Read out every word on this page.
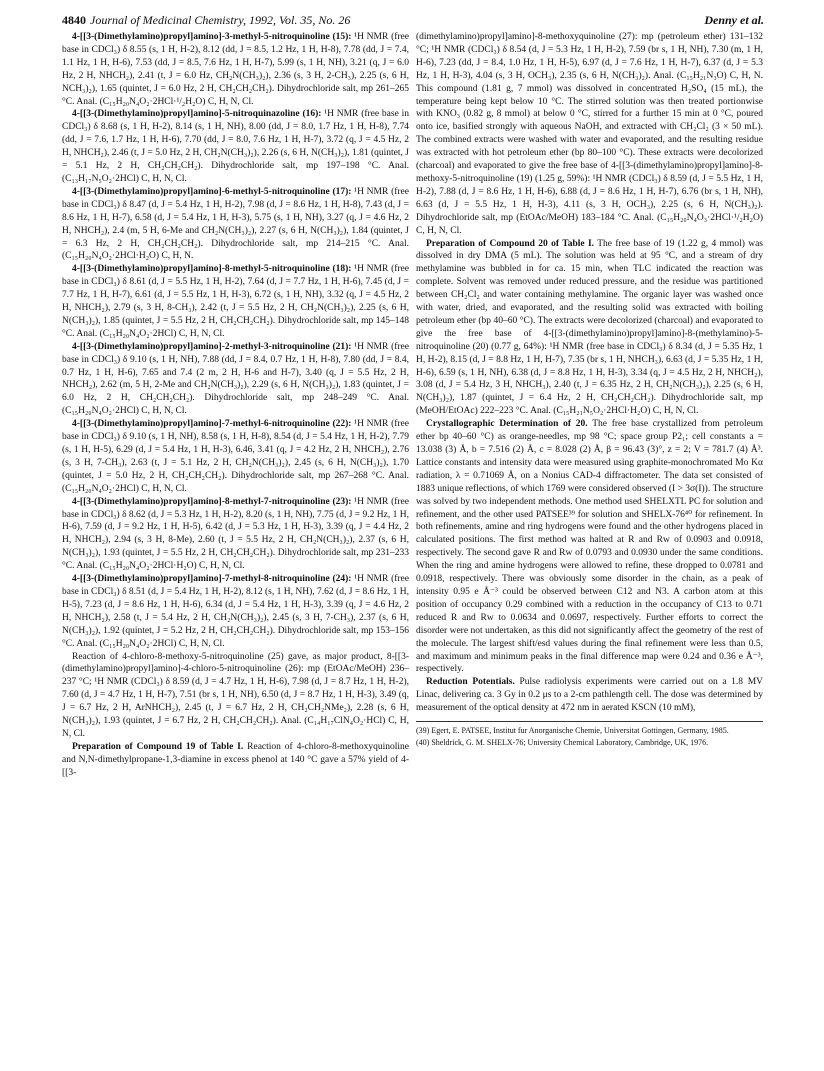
4840 Journal of Medicinal Chemistry, 1992, Vol. 35, No. 26	Denny et al.

4-[[3-(Dimethylamino)propyl]amino]-3-methyl-5-nitroquinoline (15): ¹H NMR (free base in CDCl₃) δ 8.55 (s, 1 H, H-2), 8.12 (dd, J = 8.5, 1.2 Hz, 1 H, H-8), 7.78 (dd, J = 7.4, 1.1 Hz, 1 H, H-6), 7.53 (dd, J = 8.5, 7.6 Hz, 1 H, H-7), 5.99 (s, 1 H, NH), 3.21 (q, J = 6.0 Hz, 2 H, NHCH₂), 2.41 (t, J = 6.0 Hz, CH₂N(CH₃)₂), 2.36 (s, 3 H, 2-CH₃), 2.25 (s, 6 H, NCH₃)₂), 1.65 (quintet, J = 6.0 Hz, 2 H, CH₂CH₂CH₂). Dihydrochloride salt, mp 261–265 °C. Anal. (C₁₅H₂₀N₄O₂·2HCl·¹/₂H₂O) C, H, N, Cl.

4-[[3-(Dimethylamino)propyl]amino]-5-nitroquinazoline (16): ¹H NMR (free base in CDCl₃) δ 8.68 (s, 1 H, H-2), 8.14 (s, 1 H, NH), 8.00 (dd, J = 8.0, 1.7 Hz, 1 H, H-8), 7.74 (dd, J = 7.6, 1.7 Hz, 1 H, H-6), 7.70 (dd, J = 8.0, 7.6 Hz, 1 H, H-7), 3.72 (q, J = 4.5 Hz, 2 H, NHCH₂), 2.46 (t, J = 5.0 Hz, 2 H, CH₂N(CH₃)₂), 2.26 (s, 6 H, N(CH₃)₂), 1.81 (quintet, J = 5.1 Hz, 2 H, CH₂CH₂CH₂). Dihydrochloride salt, mp 197–198 °C. Anal. (C₁₃H₁₇N₅O₂·2HCl) C, H, N, Cl.

4-[[3-(Dimethylamino)propyl]amino]-6-methyl-5-nitroquinoline (17): ¹H NMR (free base in CDCl₃) δ 8.47 (d, J = 5.4 Hz, 1 H, H-2), 7.98 (d, J = 8.6 Hz, 1 H, H-8), 7.43 (d, J = 8.6 Hz, 1 H, H-7), 6.58 (d, J = 5.4 Hz, 1 H, H-3), 5.75 (s, 1 H, NH), 3.27 (q, J = 4.6 Hz, 2 H, NHCH₂), 2.4 (m, 5 H, 6-Me and CH₂N(CH₃)₂), 2.27 (s, 6 H, N(CH₃)₂), 1.84 (quintet, J = 6.3 Hz, 2 H, CH₂CH₂CH₂). Dihydrochloride salt, mp 214–215 °C. Anal. (C₁₅H₂₀N₄O₂·2HCl·H₂O) C, H, N.

4-[[3-(Dimethylamino)propyl]amino]-8-methyl-5-nitroquinoline (18): ¹H NMR (free base in CDCl₃) δ 8.61 (d, J = 5.5 Hz, 1 H, H-2), 7.64 (d, J = 7.7 Hz, 1 H, H-6), 7.45 (d, J = 7.7 Hz, 1 H, H-7), 6.61 (d, J = 5.5 Hz, 1 H, H-3), 6.72 (s, 1 H, NH), 3.32 (q, J = 4.5 Hz, 2 H, NHCH₂), 2.79 (s, 3 H, 8-CH₃), 2.42 (t, J = 5.5 Hz, 2 H, CH₂N(CH₃)₂), 2.25 (s, 6 H, N(CH₃)₂), 1.85 (quintet, J = 5.5 Hz, 2 H, CH₂CH₂CH₂). Dihydrochloride salt, mp 145–148 °C. Anal. (C₁₅H₂₀N₄O₂·2HCl) C, H, N, Cl.

4-[[3-(Dimethylamino)propyl]amino]-2-methyl-3-nitroquinoline (21): ¹H NMR (free base in CDCl₃) δ 9.10 (s, 1 H, NH), 7.88 (dd, J = 8.4, 0.7 Hz, 1 H, H-8), 7.80 (dd, J = 8.4, 0.7 Hz, 1 H, H-6), 7.65 and 7.4 (2 m, 2 H, H-6 and H-7), 3.40 (q, J = 5.5 Hz, 2 H, NHCH₂), 2.62 (m, 5 H, 2-Me and CH₂N(CH₃)₂), 2.29 (s, 6 H, N(CH₃)₂), 1.83 (quintet, J = 6.0 Hz, 2 H, CH₂CH₂CH₂). Dihydrochloride salt, mp 248–249 °C. Anal. (C₁₅H₂₀N₄O₂·2HCl) C, H, N, Cl.

4-[[3-(Dimethylamino)propyl]amino]-7-methyl-6-nitroquinoline (22): ¹H NMR (free base in CDCl₃) δ 9.10 (s, 1 H, NH), 8.58 (s, 1 H, H-8), 8.54 (d, J = 5.4 Hz, 1 H, H-2), 7.79 (s, 1 H, H-5), 6.29 (d, J = 5.4 Hz, 1 H, H-3), 6.46, 3.41 (q, J = 4.2 Hz, 2 H, NHCH₂), 2.76 (s, 3 H, 7-CH₃), 2.63 (t, J = 5.1 Hz, 2 H, CH₂N(CH₃)₂), 2.45 (s, 6 H, N(CH₃)₂), 1.70 (quintet, J = 5.0 Hz, 2 H, CH₂CH₂CH₂). Dihydrochloride salt, mp 267–268 °C. Anal. (C₁₅H₂₀N₄O₂·2HCl) C, H, N, Cl.

4-[[3-(Dimethylamino)propyl]amino]-8-methyl-7-nitroquinoline (23): ¹H NMR (free base in CDCl₃) δ 8.62 (d, J = 5.3 Hz, 1 H, H-2), 8.20 (s, 1 H, NH), 7.75 (d, J = 9.2 Hz, 1 H, H-6), 7.59 (d, J = 9.2 Hz, 1 H, H-5), 6.42 (d, J = 5.3 Hz, 1 H, H-3), 3.39 (q, J = 4.4 Hz, 2 H, NHCH₂), 2.94 (s, 3 H, 8-Me), 2.60 (t, J = 5.5 Hz, 2 H, CH₂N(CH₃)₂), 2.37 (s, 6 H, N(CH₃)₂), 1.93 (quintet, J = 5.5 Hz, 2 H, CH₂CH₂CH₂). Dihydrochloride salt, mp 231–233 °C. Anal. (C₁₅H₂₀N₄O₂·2HCl·H₂O) C, H, N, Cl.

4-[[3-(Dimethylamino)propyl]amino]-7-methyl-8-nitroquinoline (24): ¹H NMR (free base in CDCl₃) δ 8.51 (d, J = 5.4 Hz, 1 H, H-2), 8.12 (s, 1 H, NH), 7.62 (d, J = 8.6 Hz, 1 H, H-5), 7.23 (d, J = 8.6 Hz, 1 H, H-6), 6.34 (d, J = 5.4 Hz, 1 H, H-3), 3.39 (q, J = 4.6 Hz, 2 H, NHCH₂), 2.58 (t, J = 5.4 Hz, 2 H, CH₂N(CH₃)₂), 2.45 (s, 3 H, 7-CH₃), 2.37 (s, 6 H, N(CH₃)₂), 1.92 (quintet, J = 5.2 Hz, 2 H, CH₂CH₂CH₂). Dihydrochloride salt, mp 153–156 °C. Anal. (C₁₅H₂₀N₄O₂·2HCl) C, H, N, Cl.

Reaction of 4-chloro-8-methoxy-5-nitroquinoline (25) gave, as major product, 8-[[3-(dimethylamino)propyl]amino]-4-chloro-5-nitroquinoline (26): mp (EtOAc/MeOH) 236–237 °C; ¹H NMR (CDCl₃) δ 8.59 (d, J = 4.7 Hz, 1 H, H-6), 7.98 (d, J = 8.7 Hz, 1 H, H-2), 7.60 (d, J = 4.7 Hz, 1 H, H-7), 7.51 (br s, 1 H, NH), 6.50 (d, J = 8.7 Hz, 1 H, H-3), 3.49 (q, J = 6.7 Hz, 2 H, ArNHCH₂), 2.45 (t, J = 6.7 Hz, 2 H, CH₂CH₂NMe₂), 2.28 (s, 6 H, N(CH₃)₂), 1.93 (quintet, J = 6.7 Hz, 2 H, CH₂CH₂CH₂). Anal. (C₁₄H₁₇ClN₄O₂·HCl) C, H, N, Cl.

Preparation of Compound 19 of Table I. Reaction of 4-chloro-8-methoxyquinoline and N,N-dimethylpropane-1,3-diamine in excess phenol at 140 °C gave a 57% yield of 4-[[3-

(dimethylamino)propyl]amino]-8-methoxyquinoline (27): mp (petroleum ether) 131–132 °C; ¹H NMR (CDCl₃) δ 8.54 (d, J = 5.3 Hz, 1 H, H-2), 7.59 (br s, 1 H, NH), 7.30 (m, 1 H, H-6), 7.23 (dd, J = 8.4, 1.0 Hz, 1 H, H-5), 6.97 (d, J = 7.6 Hz, 1 H, H-7), 6.37 (d, J = 5.3 Hz, 1 H, H-3), 4.04 (s, 3 H, OCH₃), 2.35 (s, 6 H, N(CH₃)₂). Anal. (C₁₅H₂₁N₃O) C, H, N. This compound (1.81 g, 7 mmol) was dissolved in concentrated H₂SO₄ (15 mL), the temperature being kept below 10 °C. The stirred solution was then treated portionwise with KNO₃ (0.82 g, 8 mmol) at below 0 °C, stirred for a further 15 min at 0 °C, poured onto ice, basified strongly with aqueous NaOH, and extracted with CH₂Cl₂ (3 × 50 mL). The combined extracts were washed with water and evaporated, and the resulting residue was extracted with hot petroleum ether (bp 80–100 °C). These extracts were decolorized (charcoal) and evaporated to give the free base of 4-[[3-(dimethylamino)propyl]amino]-8-methoxy-5-nitroquinoline (19) (1.25 g, 59%): ¹H NMR (CDCl₃) δ 8.59 (d, J = 5.5 Hz, 1 H, H-2), 7.88 (d, J = 8.6 Hz, 1 H, H-6), 6.88 (d, J = 8.6 Hz, 1 H, H-7), 6.76 (br s, 1 H, NH), 6.63 (d, J = 5.5 Hz, 1 H, H-3), 4.11 (s, 3 H, OCH₃), 2.25 (s, 6 H, N(CH₃)₂). Dihydrochloride salt, mp (EtOAc/MeOH) 183–184 °C. Anal. (C₁₅H₂₀N₄O₃·2HCl·¹/₂H₂O) C, H, N, Cl.

Preparation of Compound 20 of Table I. The free base of 19 (1.22 g, 4 mmol) was dissolved in dry DMA (5 mL). The solution was held at 95 °C, and a stream of dry methylamine was bubbled in for ca. 15 min, when TLC indicated the reaction was complete. Solvent was removed under reduced pressure, and the residue was partitioned between CH₂Cl₂ and water containing methylamine. The organic layer was washed once with water, dried, and evaporated, and the resulting solid was extracted with boiling petroleum ether (bp 40–60 °C). The extracts were decolorized (charcoal) and evaporated to give the free base of 4-[[3-(dimethylamino)propyl]amino]-8-(methylamino)-5-nitroquinoline (20) (0.77 g, 64%): ¹H NMR (free base in CDCl₃) δ 8.34 (d, J = 5.35 Hz, 1 H, H-2), 8.15 (d, J = 8.8 Hz, 1 H, H-7), 7.35 (br s, 1 H, NHCH₃), 6.63 (d, J = 5.35 Hz, 1 H, H-6), 6.59 (s, 1 H, NH), 6.38 (d, J = 8.8 Hz, 1 H, H-3), 3.34 (q, J = 4.5 Hz, 2 H, NHCH₂), 3.08 (d, J = 5.4 Hz, 3 H, NHCH₃), 2.40 (t, J = 6.35 Hz, 2 H, CH₂N(CH₃)₂), 2.25 (s, 6 H, N(CH₃)₂), 1.87 (quintet, J = 6.4 Hz, 2 H, CH₂CH₂CH₂). Dihydrochloride salt, mp (MeOH/EtOAc) 222–223 °C. Anal. (C₁₅H₂₁N₅O₂·2HCl·H₂O) C, H, N, Cl.

Crystallographic Determination of 20. The free base crystallized from petroleum ether bp 40–60 °C) as orange-needles, mp 98 °C; space group P2₁; cell constants a = 13.038 (3) Å, b = 7.516 (2) Å, c = 8.028 (2) Å, β = 96.43 (3)°, z = 2; V = 781.7 (4) Å³. Lattice constants and intensity data were measured using graphite-monochromated Mo Kα radiation, λ = 0.71069 Å, on a Nonius CAD-4 diffractometer. The data set consisted of 1883 unique reflections, of which 1769 were considered observed (I > 3σ(I)). The structure was solved by two independent methods. One method used SHELXTL PC for solution and refinement, and the other used PATSEE³⁹ for solution and SHELX-76⁴⁰ for refinement. In both refinements, amine and ring hydrogens were found and the other hydrogens placed in calculated positions. The first method was halted at R and Rw of 0.0903 and 0.0918, respectively. The second gave R and Rw of 0.0793 and 0.0930 under the same conditions. When the ring and amine hydrogens were allowed to refine, these dropped to 0.0781 and 0.0918, respectively. There was obviously some disorder in the chain, as a peak of intensity 0.95 e Å⁻³ could be observed between C12 and N3. A carbon atom at this position of occupancy 0.29 combined with a reduction in the occupancy of C13 to 0.71 reduced R and Rw to 0.0634 and 0.0697, respectively. Further efforts to correct the disorder were not undertaken, as this did not significantly affect the geometry of the rest of the molecule. The largest shift/esd values during the final refinement were less than 0.5, and maximum and minimum peaks in the final difference map were 0.24 and 0.36 e Å⁻³, respectively.

Reduction Potentials. Pulse radiolysis experiments were carried out on a 1.8 MV Linac, delivering ca. 3 Gy in 0.2 μs to a 2-cm pathlength cell. The dose was determined by measurement of the optical density at 472 nm in aerated KSCN (10 mM),

(39) Egert, E. PATSEE, Institut fur Anorganische Chemie, Universitat Gottingen, Germany, 1985.
(40) Sheldrick, G. M. SHELX-76; University Chemical Laboratory, Cambridge, UK, 1976.
